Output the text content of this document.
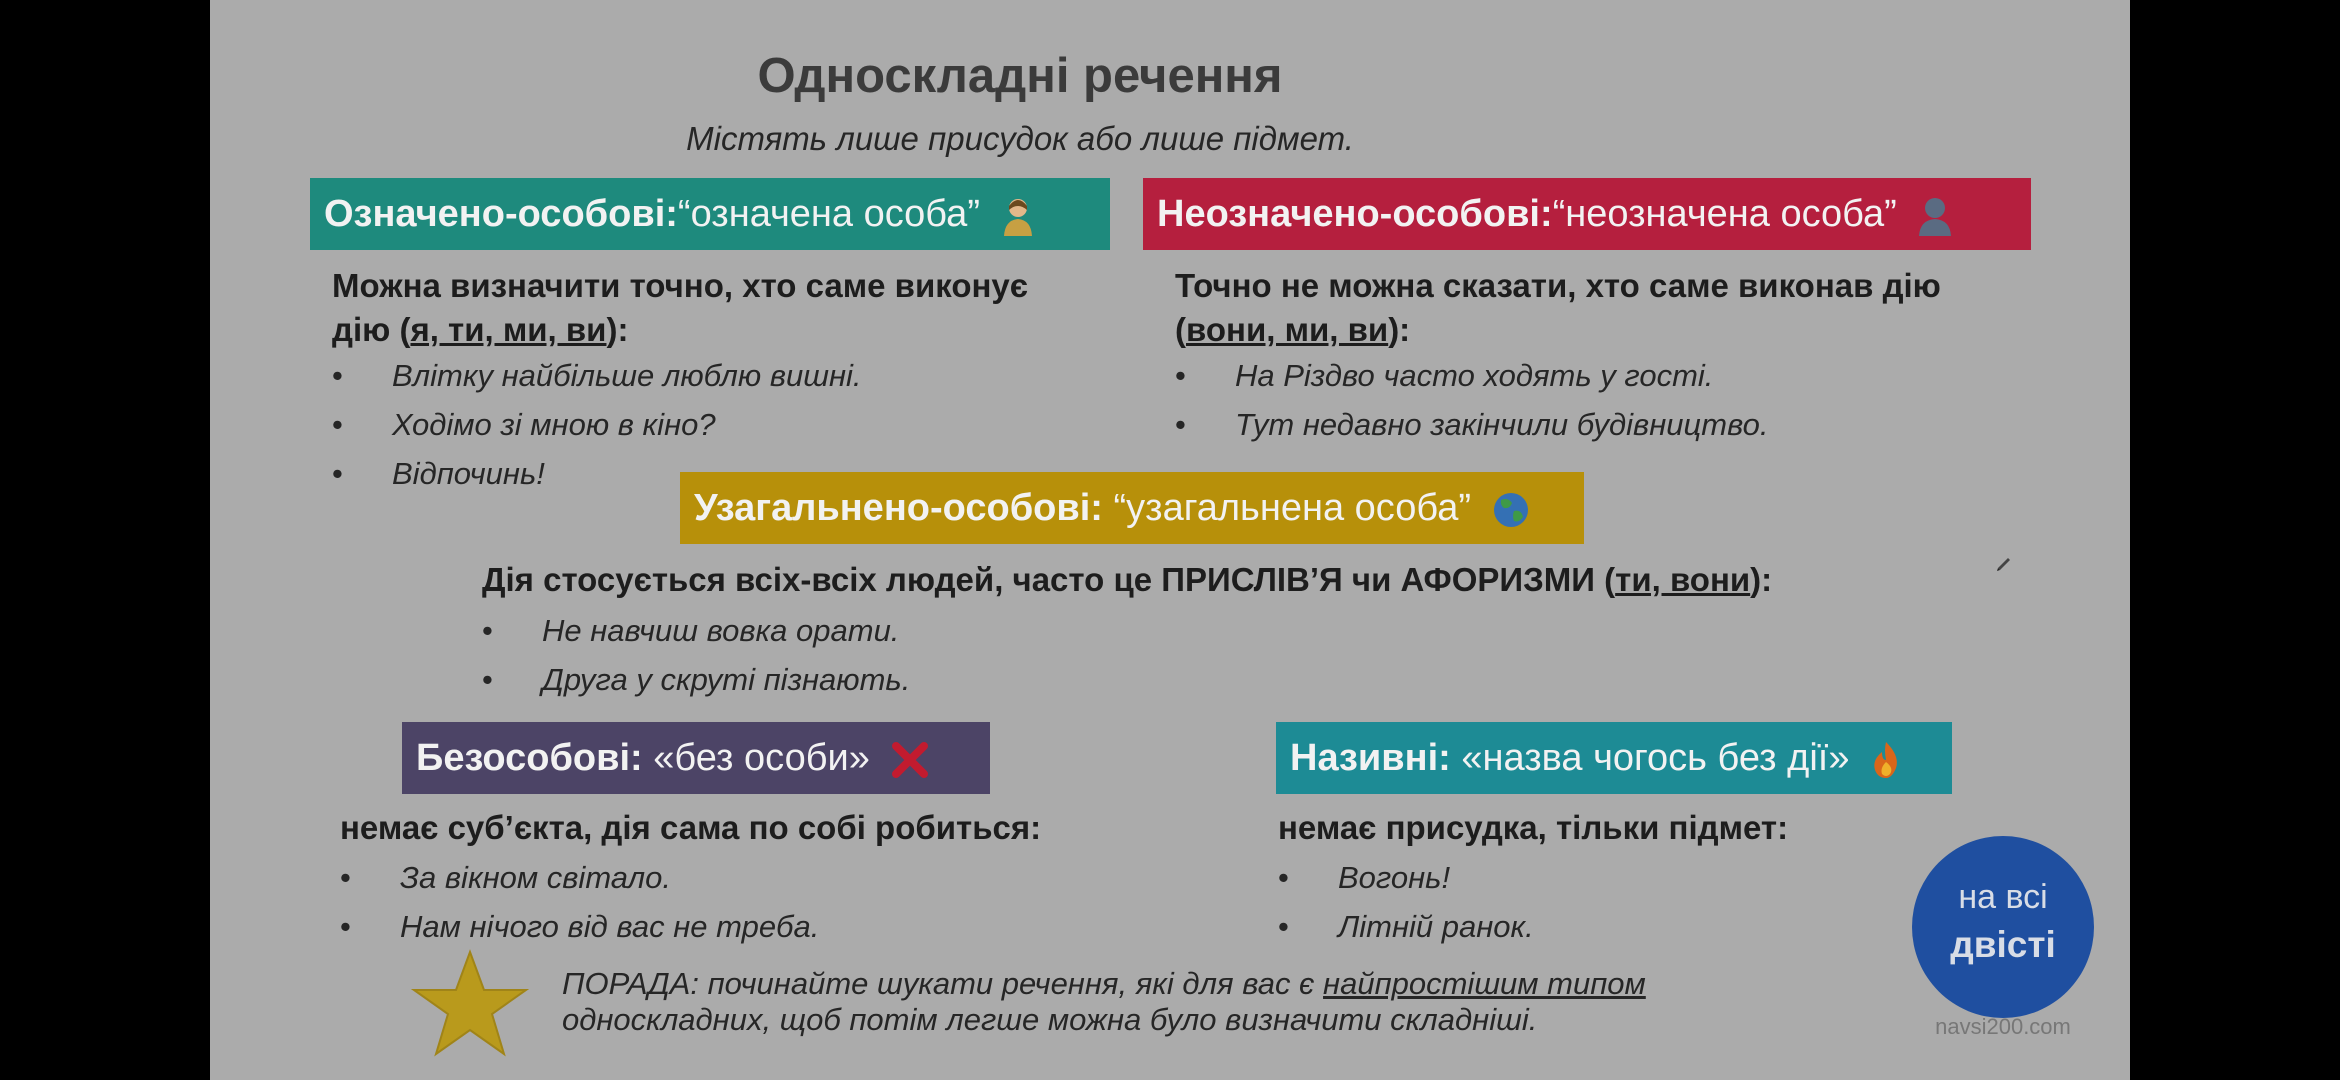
Односкладні речення
Містять лише присудок або лише підмет.
Означено-особові:“означена особа”
Можна визначити точно, хто саме виконує дію (я, ти, ми, ви):
• Влітку найбільше люблю вишні.
• Ходімо зі мною в кіно?
• Відпочинь!
Неозначено-особові:“неозначена особа”
Точно не можна сказати, хто саме виконав дію (вони, ми, ви):
• На Різдво часто ходять у гості.
• Тут недавно закінчили будівництво.
Узагальнено-особові: “узагальнена особа”
Дія стосується всіх-всіх людей, часто це ПРИСЛІВ’Я чи АФОРИЗМИ (ти, вони):
• Не навчиш вовка орати.
• Друга у скруті пізнають.
Безособові: «без особи»
немає суб’єкта, дія сама по собі робиться:
• За вікном світало.
• Нам нічого від вас не треба.
Називні: «назва чогось без дії»
немає присудка, тільки підмет:
• Вогонь!
• Літній ранок.
ПОРАДА: починайте шукати речення, які для вас є найпростішим типом
односкладних, щоб потім легше можна було визначити складніші.
на всі
двісті
navsi200.com
